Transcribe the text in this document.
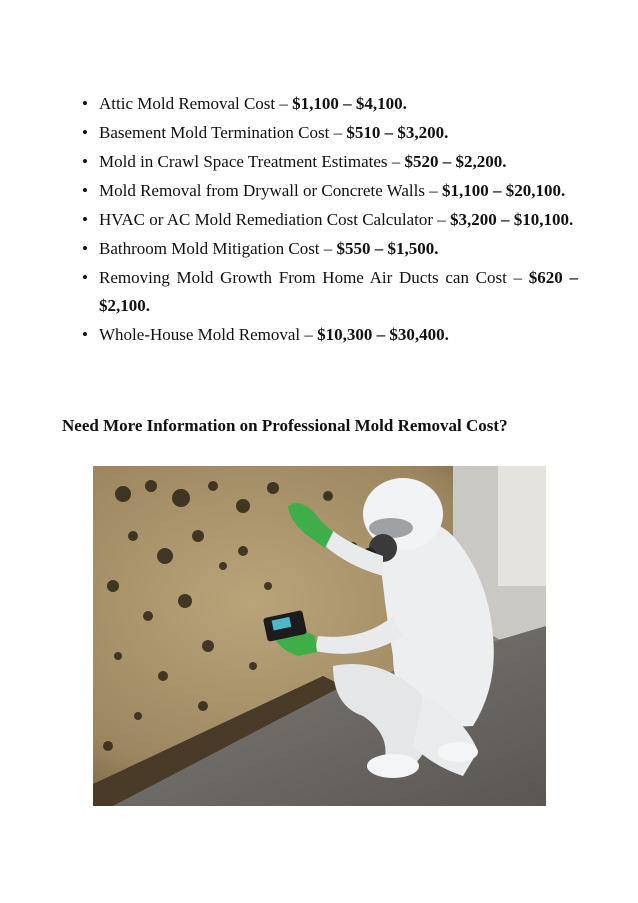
• Attic Mold Removal Cost – $1,100 – $4,100.
• Basement Mold Termination Cost – $510 – $3,200.
• Mold in Crawl Space Treatment Estimates – $520 – $2,200.
• Mold Removal from Drywall or Concrete Walls – $1,100 – $20,100.
• HVAC or AC Mold Remediation Cost Calculator – $3,200 – $10,100.
• Bathroom Mold Mitigation Cost – $550 – $1,500.
• Removing Mold Growth From Home Air Ducts can Cost – $620 – $2,100.
• Whole-House Mold Removal – $10,300 – $30,400.
Need More Information on Professional Mold Removal Cost?
